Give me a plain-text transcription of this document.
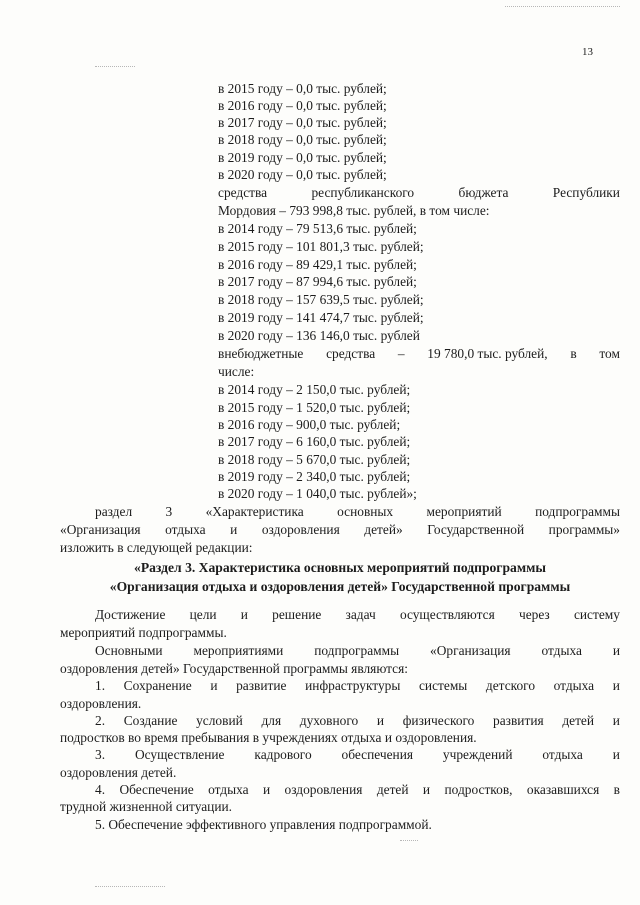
13
в 2015 году – 0,0 тыс. рублей;
в 2016 году – 0,0 тыс. рублей;
в 2017 году – 0,0 тыс. рублей;
в 2018 году – 0,0 тыс. рублей;
в 2019 году – 0,0 тыс. рублей;
в 2020 году – 0,0 тыс. рублей;
средства	республиканского	бюджета	Республики
Мордовия – 793 998,8 тыс. рублей, в том числе:
в 2014 году – 79 513,6 тыс. рублей;
в 2015 году – 101 801,3 тыс. рублей;
в 2016 году – 89 429,1 тыс. рублей;
в 2017 году – 87 994,6 тыс. рублей;
в 2018 году – 157 639,5 тыс. рублей;
в 2019 году – 141 474,7 тыс. рублей;
в 2020 году – 136 146,0 тыс. рублей
внебюджетные средства – 19 780,0 тыс. рублей, в том
числе:
в 2014 году – 2 150,0 тыс. рублей;
в 2015 году – 1 520,0 тыс. рублей;
в 2016 году – 900,0 тыс. рублей;
в 2017 году – 6 160,0 тыс. рублей;
в 2018 году – 5 670,0 тыс. рублей;
в 2019 году – 2 340,0 тыс. рублей;
в 2020 году – 1 040,0 тыс. рублей»;
раздел 3 «Характеристика основных мероприятий подпрограммы
«Организация отдыха и оздоровления детей» Государственной программы»
изложить в следующей редакции:
«Раздел 3. Характеристика основных мероприятий подпрограммы
«Организация отдыха и оздоровления детей» Государственной программы
Достижение цели и решение задач осуществляются через систему
мероприятий подпрограммы.
Основными мероприятиями подпрограммы «Организация отдыха и
оздоровления детей» Государственной программы являются:
1. Сохранение и развитие инфраструктуры системы детского отдыха и
оздоровления.
2. Создание условий для духовного и физического развития детей и
подростков во время пребывания в учреждениях отдыха и оздоровления.
3. Осуществление кадрового обеспечения учреждений отдыха и
оздоровления детей.
4. Обеспечение отдыха и оздоровления детей и подростков, оказавшихся в
трудной жизненной ситуации.
5. Обеспечение эффективного управления подпрограммой.
